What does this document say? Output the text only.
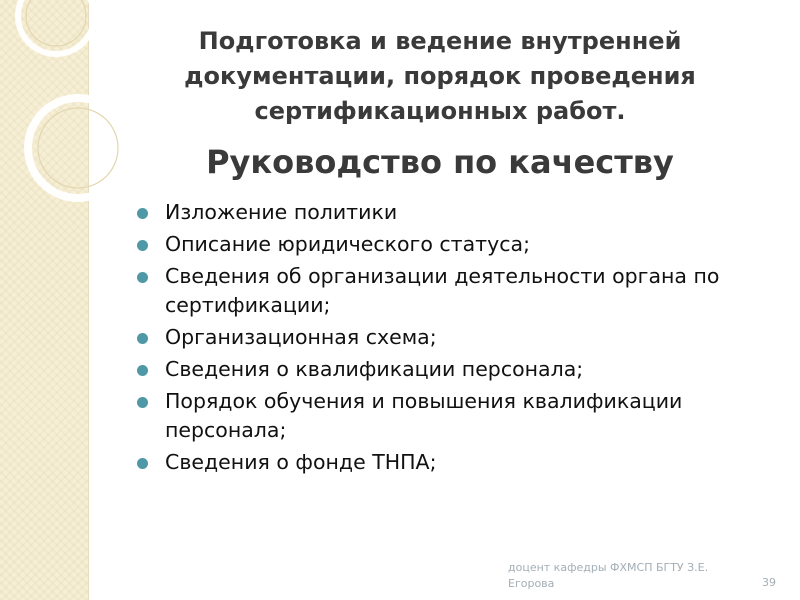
Подготовка и ведение внутренней
документации, порядок проведения
сертификационных работ.
Руководство по качеству
Изложение политики
Описание юридического статуса;
Сведения об организации деятельности органа по сертификации;
Организационная схема;
Сведения о квалификации персонала;
Порядок обучения и повышения квалификации персонала;
Сведения о фонде ТНПА;
доцент кафедры ФХМСП БГТУ З.Е. Егорова	39
